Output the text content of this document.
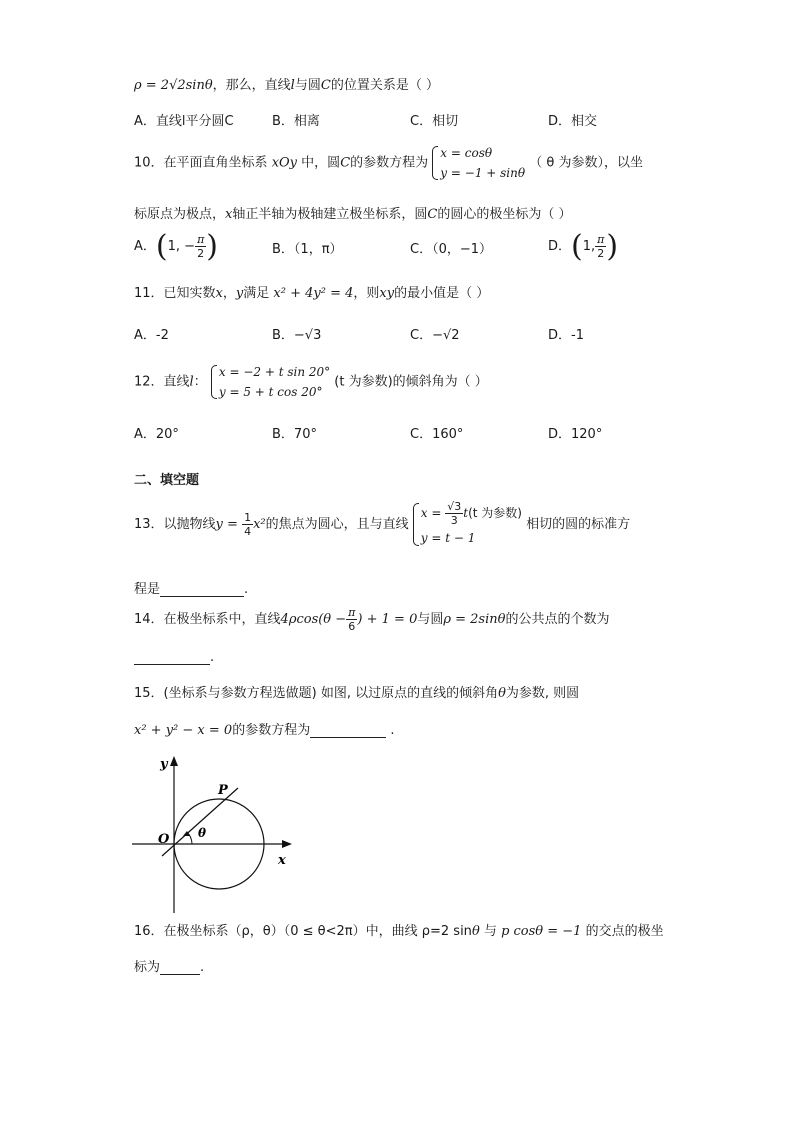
ρ = 2√2sinθ，那么，直线l与圆C的位置关系是（ ）
A．直线l平分圆C	B．相离	C．相切	D．相交
10．在平面直角坐标系 xOy 中，圆C的参数方程为
x = cosθ
y = −1 + sinθ
（ θ 为参数），以坐
标原点为极点，x轴正半轴为极轴建立极坐标系，圆C的圆心的极坐标为（ ）
A．(1, − $\frac{\pi}{2}$ )	B．（1，π）	C．（0，−1）	D．(1, $\frac{\pi}{2}$ )
11．已知实数x，y满足 x² + 4y² = 4，则xy的最小值是（ ）
A．-2	B．−√3	C．−√2	D．-1
12．直线l：
x = −2 + t sin 20°
y = 5 + t cos 20°
(t 为参数)的倾斜角为（ ）
A．20°	B．70°	C．160°	D．120°
二、填空题
13．以抛物线$y = \frac{1}{4} x^2$的焦点为圆心，且与直线
$x = \frac{√3}{3} t(t$ 为参数)
y = t − 1
相切的圆的标准方
程是	.
14．在极坐标系中，直线$4\rho\cos(\theta - \frac{\pi}{6}$ ) + 1 = 0与圆ρ = 2sinθ的公共点的个数为
.
15．(坐标系与参数方程选做题) 如图, 以过原点的直线的倾斜角θ为参数, 则圆
x² + y² − x = 0的参数方程为	.
y
x
O
P
θ
16．在极坐标系（ρ，θ）（0 ≤ θ<2π）中，曲线 ρ=2 sinθ 与 p cosθ = −1 的交点的极坐
标为	.
